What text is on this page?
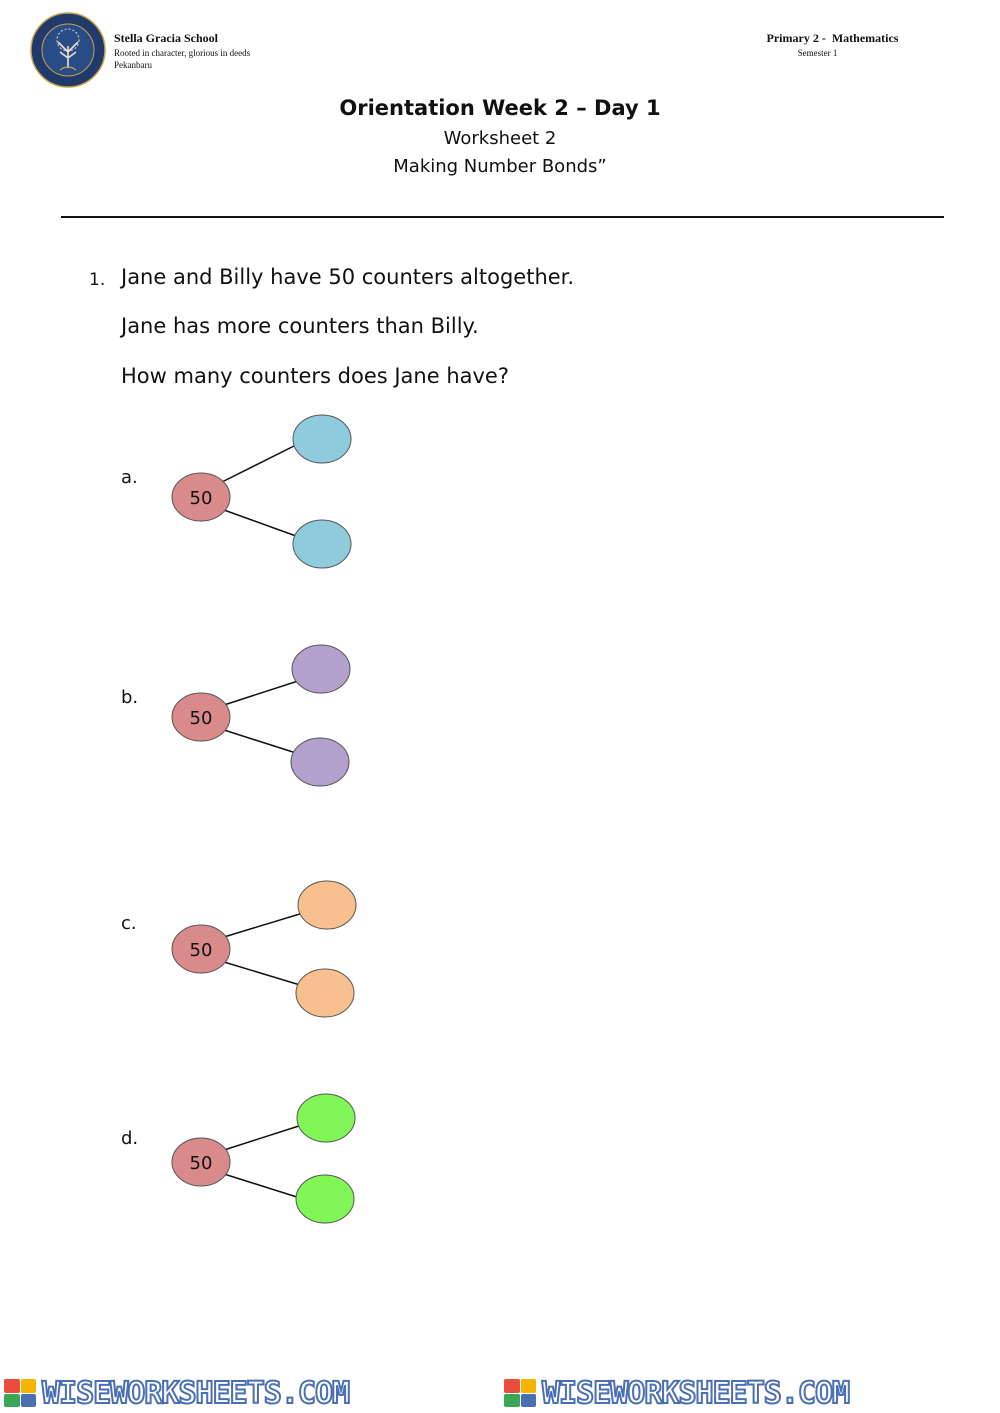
Stella Gracia School
Rooted in character, glorious in deeds
Pekanbaru
Primary 2 -  Mathematics
Semester 1
Orientation Week 2 – Day 1
Worksheet 2
Making Number Bonds”
1. Jane and Billy have 50 counters altogether.
Jane has more counters than Billy.
How many counters does Jane have?
a.
b.
c.
d.
50
50
50
50
WISEWORKSHEETS.COM	WISEWORKSHEETS.COM
